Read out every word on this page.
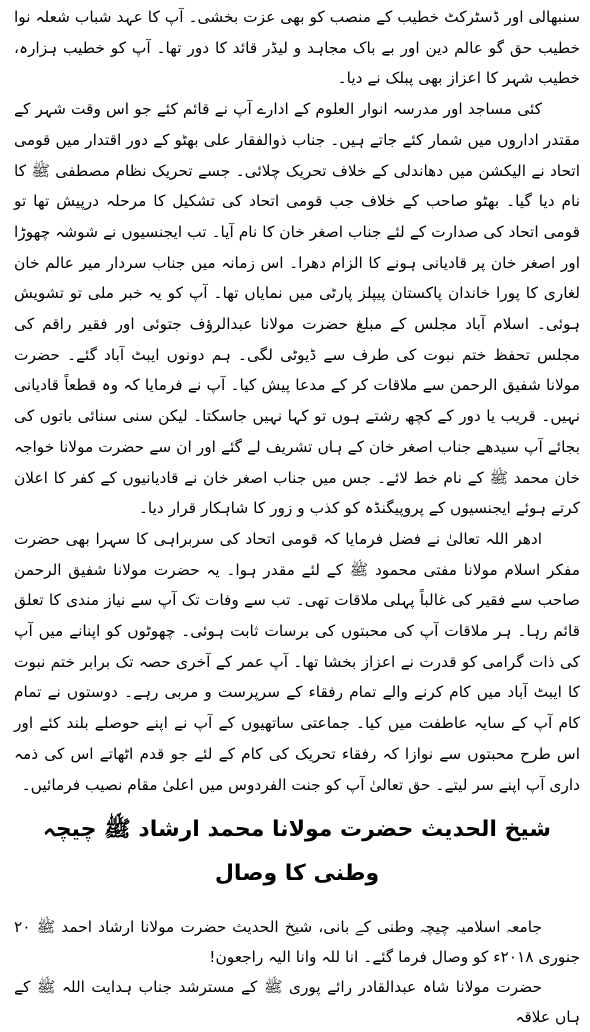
سنبھالی اور ڈسٹرکٹ خطیب کے منصب کو بھی عزت بخشی۔ آپ کا عہد شباب شعلہ نوا خطیب حق گو عالم دین اور بے باک مجاہد و لیڈر قائد کا دور تھا۔ آپ کو خطیب ہزارہ، خطیب شہر کا اعزاز بھی پبلک نے دیا۔

کئی مساجد اور مدرسہ انوار العلوم کے ادارے آپ نے قائم کئے جو اس وقت شہر کے مقتدر اداروں میں شمار کئے جاتے ہیں۔ جناب ذوالفقار علی بھٹو کے دور اقتدار میں قومی اتحاد نے الیکشن میں دھاندلی کے خلاف تحریک چلائی۔ جسے تحریک نظام مصطفی ﷺ کا نام دیا گیا۔ بھٹو صاحب کے خلاف جب قومی اتحاد کی تشکیل کا مرحلہ درپیش تھا تو قومی اتحاد کی صدارت کے لئے جناب اصغر خان کا نام آیا۔ تب ایجنسیوں نے شوشہ چھوڑا اور اصغر خان پر قادیانی ہونے کا الزام دھرا۔ اس زمانہ میں جناب سردار میر عالم خان لغاری کا پورا خاندان پاکستان پیپلز پارٹی میں نمایاں تھا۔ آپ کو یہ خبر ملی تو تشویش ہوئی۔ اسلام آباد مجلس کے مبلغ حضرت مولانا عبدالرؤف جتوئی اور فقیر راقم کی مجلس تحفظ ختم نبوت کی طرف سے ڈیوٹی لگی۔ ہم دونوں ایبٹ آباد گئے۔ حضرت مولانا شفیق الرحمن سے ملاقات کر کے مدعا پیش کیا۔ آپ نے فرمایا کہ وہ قطعاً قادیانی نہیں۔ قریب یا دور کے کچھ رشتے ہوں تو کہا نہیں جاسکتا۔ لیکن سنی سنائی باتوں کی بجائے آپ سیدھے جناب اصغر خان کے ہاں تشریف لے گئے اور ان سے حضرت مولانا خواجہ خان محمد ﷺ کے نام خط لائے۔ جس میں جناب اصغر خان نے قادیانیوں کے کفر کا اعلان کرتے ہوئے ایجنسیوں کے پروپیگنڈہ کو کذب و زور کا شاہکار قرار دیا۔

ادھر اللہ تعالیٰ نے فضل فرمایا کہ قومی اتحاد کی سربراہی کا سہرا بھی حضرت مفکر اسلام مولانا مفتی محمود ﷺ کے لئے مقدر ہوا۔ یہ حضرت مولانا شفیق الرحمن صاحب سے فقیر کی غالباً پہلی ملاقات تھی۔ تب سے وفات تک آپ سے نیاز مندی کا تعلق قائم رہا۔ ہر ملاقات آپ کی محبتوں کی برسات ثابت ہوئی۔ چھوٹوں کو اپنانے میں آپ کی ذات گرامی کو قدرت نے اعزاز بخشا تھا۔ آپ عمر کے آخری حصہ تک برابر ختم نبوت کا ایبٹ آباد میں کام کرنے والے تمام رفقاء کے سرپرست و مربی رہے۔ دوستوں نے تمام کام آپ کے سایہ عاطفت میں کیا۔ جماعتی ساتھیوں کے آپ نے اپنے حوصلے بلند کئے اور اس طرح محبتوں سے نوازا کہ رفقاء تحریک کی کام کے لئے جو قدم اٹھاتے اس کی ذمہ داری آپ اپنے سر لیتے۔ حق تعالیٰ آپ کو جنت الفردوس میں اعلیٰ مقام نصیب فرمائیں۔

شیخ الحدیث حضرت مولانا محمد ارشاد ﷺ چیچہ وطنی کا وصال

جامعہ اسلامیہ چیچہ وطنی کے بانی، شیخ الحدیث حضرت مولانا ارشاد احمد ﷺ ۲۰ جنوری ۲۰۱۸ء کو وصال فرما گئے۔ انا للہ وانا الیہ راجعون!

حضرت مولانا شاہ عبدالقادر رائے پوری ﷺ کے مسترشد جناب ہدایت اللہ ﷺ کے ہاں علاقہ
